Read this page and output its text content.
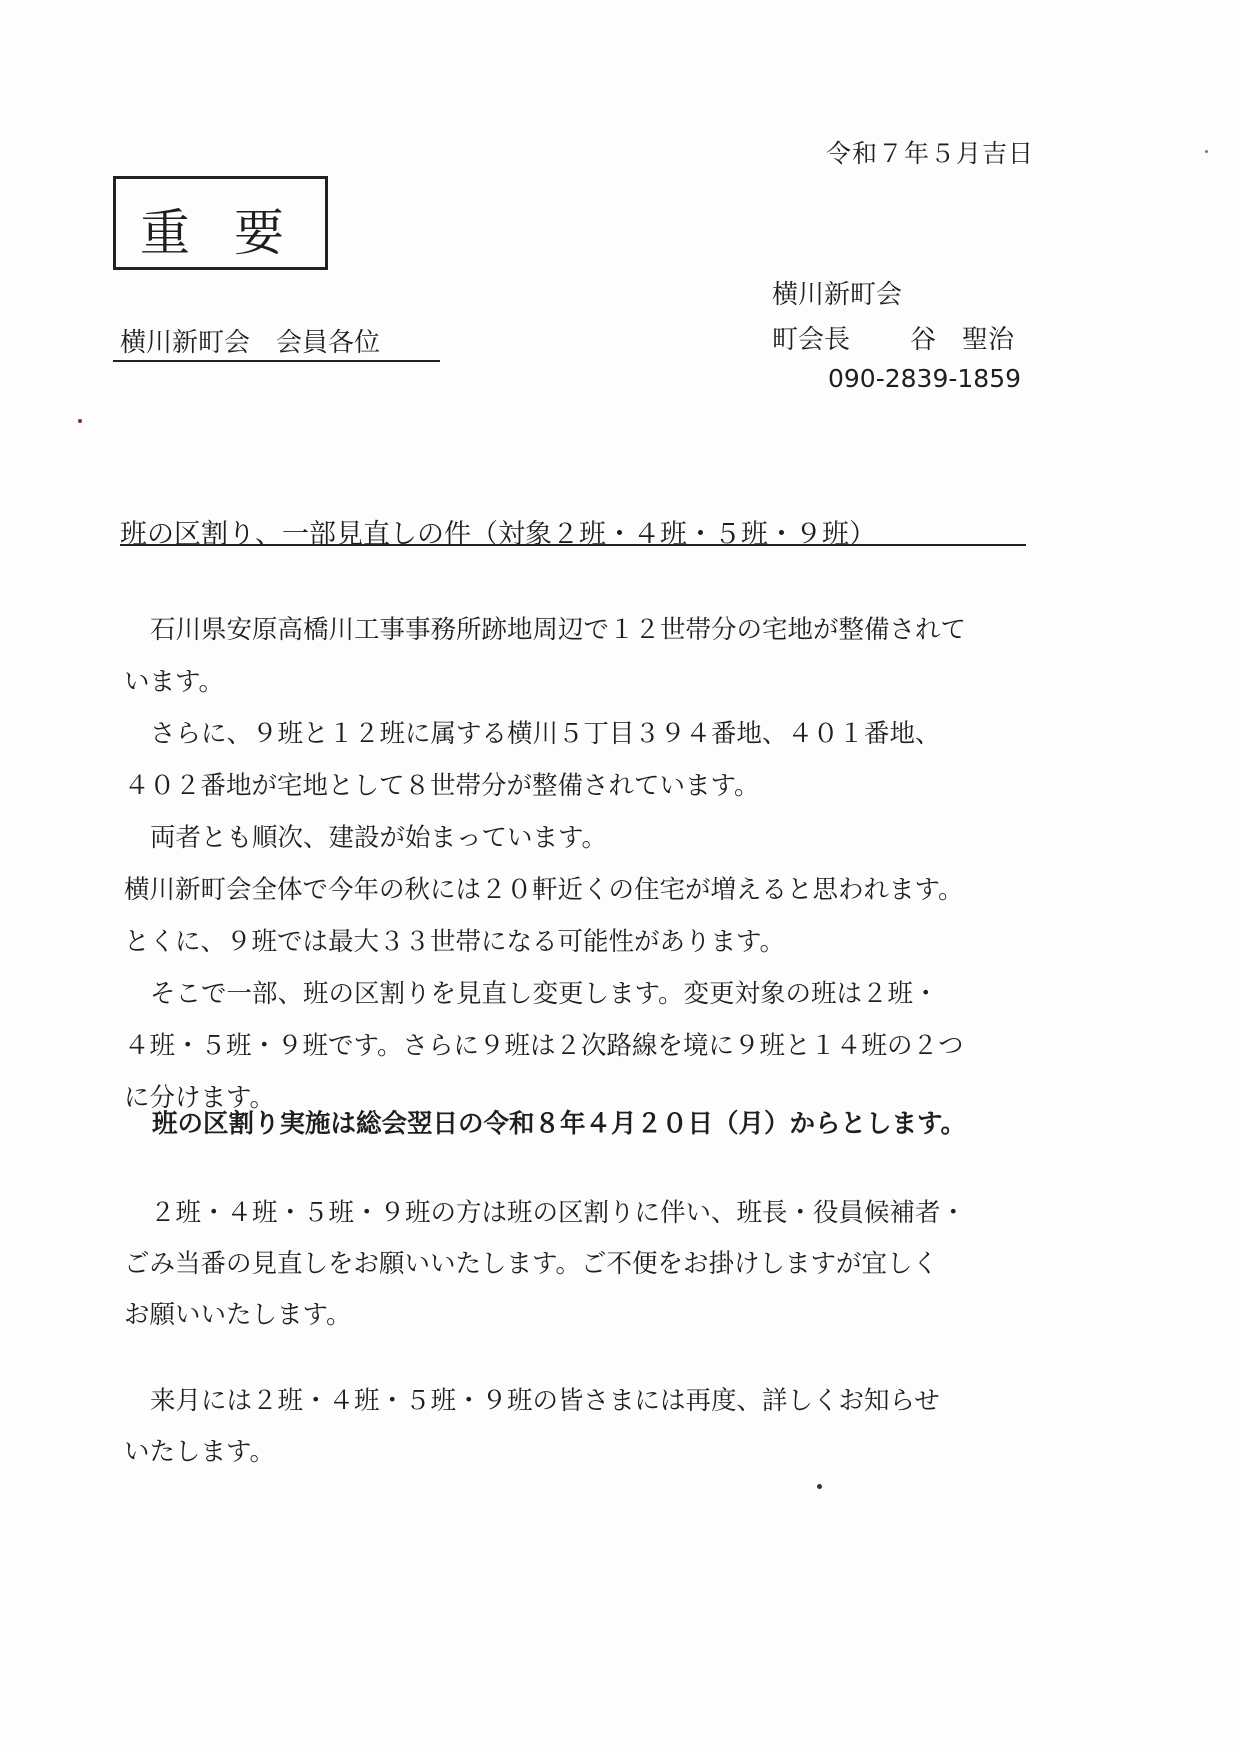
令和７年５月吉日
重要
横川新町会　会員各位
横川新町会
町会長 谷　聖治
090-2839-1859
班の区割り、一部見直しの件（対象２班・４班・５班・９班）

石川県安原高橋川工事事務所跡地周辺で１２世帯分の宅地が整備されて

います。

さらに、９班と１２班に属する横川５丁目３９４番地、４０１番地、

４０２番地が宅地として８世帯分が整備されています。

両者とも順次、建設が始まっています。

横川新町会全体で今年の秋には２０軒近くの住宅が増えると思われます。

とくに、９班では最大３３世帯になる可能性があります。

そこで一部、班の区割りを見直し変更します。変更対象の班は２班・

４班・５班・９班です。さらに９班は２次路線を境に９班と１４班の２つ

に分けます。

班の区割り実施は総会翌日の令和８年４月２０日（月）からとします。

２班・４班・５班・９班の方は班の区割りに伴い、班長・役員候補者・

ごみ当番の見直しをお願いいたします。ご不便をお掛けしますが宜しく

お願いいたします。

来月には２班・４班・５班・９班の皆さまには再度、詳しくお知らせ

いたします。
